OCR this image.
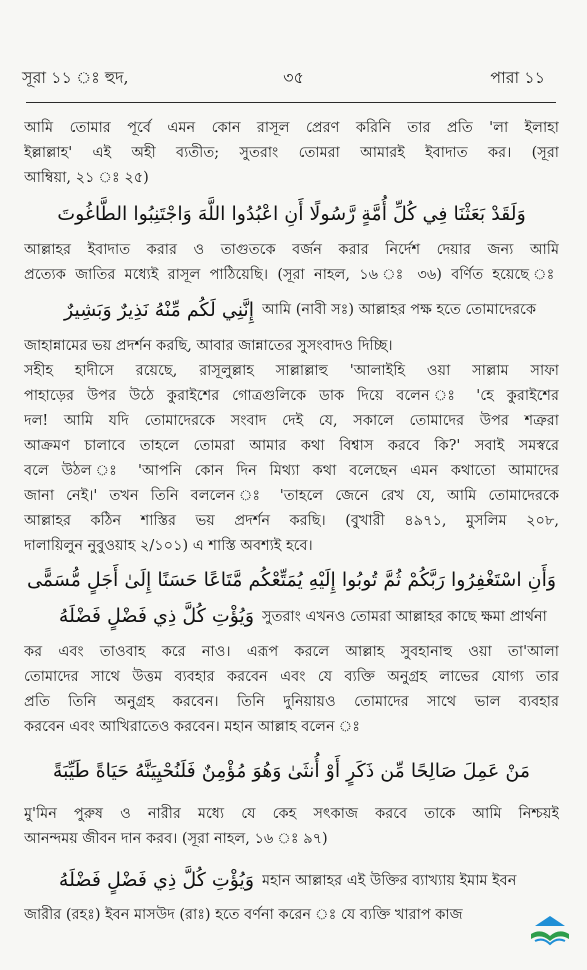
সূরা ১১ ঃ হুদ,	৩৫	পারা ১১
আমি তোমার পূর্বে এমন কোন রাসূল প্রেরণ করিনি তার প্রতি 'লা ইলাহা
ইল্লাল্লাহ' এই অহী ব্যতীত; সুতরাং তোমরা আমারই ইবাদাত কর। (সূরা
আম্বিয়া, ২১ ঃ ২৫)
وَلَقَدْ بَعَثْنَا فِي كُلِّ أُمَّةٍ رَّسُولًا أَنِ اعْبُدُوا اللَّهَ وَاجْتَنِبُوا الطَّاغُوتَ
আল্লাহর ইবাদাত করার ও তাগুতকে বর্জন করার নির্দেশ দেয়ার জন্য আমি
প্রত্যেক জাতির মধ্যেই রাসূল পাঠিয়েছি। (সূরা নাহল, ১৬ ঃ ৩৬) বর্ণিত হয়েছে ঃ
إِنَّنِي لَكُم مِّنْهُ نَذِيرٌ وَبَشِيرٌ আমি (নাবী সঃ) আল্লাহর পক্ষ হতে তোমাদেরকে
জাহান্নামের ভয় প্রদর্শন করছি, আবার জান্নাতের সুসংবাদও দিচ্ছি।
সহীহ হাদীসে রয়েছে, রাসূলুল্লাহ সাল্লাল্লাহু 'আলাইহি ওয়া সাল্লাম সাফা
পাহাড়ের উপর উঠে কুরাইশের গোত্রগুলিকে ডাক দিয়ে বলেন ঃ 'হে কুরাইশের
দল! আমি যদি তোমাদেরকে সংবাদ দেই যে, সকালে তোমাদের উপর শত্রুরা
আক্রমণ চালাবে তাহলে তোমরা আমার কথা বিশ্বাস করবে কি?' সবাই সমস্বরে
বলে উঠল ঃ 'আপনি কোন দিন মিথ্যা কথা বলেছেন এমন কথাতো আমাদের
জানা নেই।' তখন তিনি বললেন ঃ 'তাহলে জেনে রেখ যে, আমি তোমাদেরকে
আল্লাহর কঠিন শাস্তির ভয় প্রদর্শন করছি। (বুখারী ৪৯৭১, মুসলিম ২০৮,
দালায়িলুন নুবুওয়াহ ২/১০১) এ শাস্তি অবশ্যই হবে।
وَأَنِ اسْتَغْفِرُوا رَبَّكُمْ ثُمَّ تُوبُوا إِلَيْهِ يُمَتِّعْكُم مَّتَاعًا حَسَنًا إِلَىٰ أَجَلٍ مُّسَمًّى
وَيُؤْتِ كُلَّ ذِي فَضْلٍ فَضْلَهُ সুতরাং এখনও তোমরা আল্লাহর কাছে ক্ষমা প্রার্থনা
কর এবং তাওবাহ করে নাও। এরূপ করলে আল্লাহ সুবহানাহু ওয়া তা'আলা
তোমাদের সাথে উত্তম ব্যবহার করবেন এবং যে ব্যক্তি অনুগ্রহ লাভের যোগ্য তার
প্রতি তিনি অনুগ্রহ করবেন। তিনি দুনিয়ায়ও তোমাদের সাথে ভাল ব্যবহার
করবেন এবং আখিরাতেও করবেন। মহান আল্লাহ বলেন ঃ
مَنْ عَمِلَ صَالِحًا مِّن ذَكَرٍ أَوْ أُنثَىٰ وَهُوَ مُؤْمِنٌ فَلَنُحْيِيَنَّهُ حَيَاةً طَيِّبَةً
মু'মিন পুরুষ ও নারীর মধ্যে যে কেহ সৎকাজ করবে তাকে আমি নিশ্চয়ই
আনন্দময় জীবন দান করব। (সূরা নাহল, ১৬ ঃ ৯৭)
وَيُؤْتِ كُلَّ ذِي فَضْلٍ فَضْلَهُ মহান আল্লাহর এই উক্তির ব্যাখ্যায় ইমাম ইবন
জারীর (রহঃ) ইবন মাসউদ (রাঃ) হতে বর্ণনা করেন ঃ যে ব্যক্তি খারাপ কাজ
